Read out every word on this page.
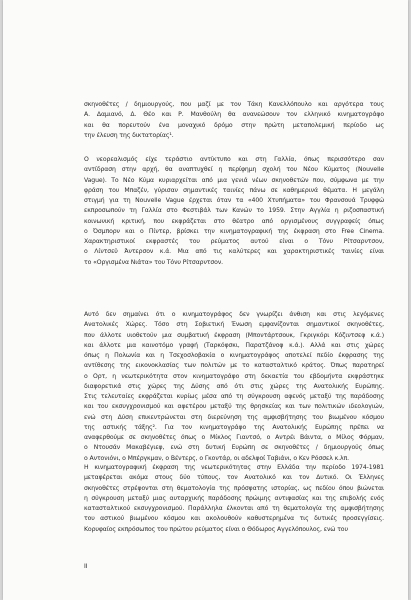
σκηνοθέτες / δημιουργούς, που μαζί με τον Τάκη Κανελλόπουλο και αργότερα τους
Α. Δαμιανό, Δ. Θέο και Ρ. Μανθούλη θα ανανεώσουν τον ελληνικό κινηματογράφο
και θα πορευτούν ένα μοναχικό δρόμο στην πρώτη μεταπολεμική περίοδο ως
την έλευση της δικτατορίας¹.

Ο νεορεαλισμός είχε τεράστιο αντίκτυπο και στη Γαλλία, όπως περισσότερο σαν
αντίδραση στην αρχή, θα αναπτυχθεί η περίφημη σχολή του Νέου Κύματος (Nouvelle
Vague). Το Νέο Κύμα κυριαρχείται από μια γενιά νέων σκηνοθετών που, σύμφωνα με την
φράση του Μπαζέν, γύρισαν σημαντικές ταινίες πάνω σε καθημερινά θέματα. Η μεγάλη
στιγμή για τη Nouvelle Vague έρχεται όταν τα «400 Χτυπήματα» του Φρανσουά Τρυφφώ
εκπροσωπούν τη Γαλλία στο Φεστιβάλ των Κανών το 1959. Στην Αγγλία η ριζοσπαστική
κοινωνική κριτική, που εκφράζεται στο θέατρο από οργισμένους συγγραφείς όπως
ο Όσμπορν και ο Πίντερ, βρίσκει την κινηματογραφική της έκφραση στο Free Cinema.
Χαρακτηριστικοί εκφραστές του ρεύματος αυτού είναι ο Τόνυ Ρίτσαρντσον,
ο Λίντσεϋ Άντερσον κ.ά. Μια από τις καλύτερες και χαρακτηριστικές ταινίες είναι
το «Οργισμένα Νιάτα» του Τόνυ Ρίτσαρντσον.

Αυτό δεν σημαίνει ότι ο κινηματογράφος δεν γνωρίζει άνθιση και στις λεγόμενες
Ανατολικές Χώρες. Τόσο στη Σοβιετική Ένωση εμφανίζονται σημαντικοί σκηνοθέτες,
που άλλοτε υιοθετούν μια συμβατική έκφραση (Μποντάρτσουκ, Γκριγκόρι Κόζιντσεφ κ.ά.)
και άλλοτε μια καινοτόμο γραφή (Ταρκόφσκι, Παρατζάνοφ κ.ά.). Αλλά και στις χώρες
όπως η Πολωνία και η Τσεχοσλοβακία ο κινηματογράφος αποτελεί πεδίο έκφρασης της
αντίθεσης της εικονοκλασίας των πολιτών με το κατασταλτικό κράτος. Όπως παρατηρεί
ο Ορτ, η νεωτερικότητα στον κινηματογράφο στη δεκαετία του εβδομήντα εκφράστηκε
διαφορετικά στις χώρες της Δύσης από ότι στις χώρες της Ανατολικής Ευρώπης.
Στις τελευταίες εκφράζεται κυρίως μέσα από τη σύγκρουση αφενός μεταξύ της παράδοσης
και του εκσυγχρονισμού και αφετέρου μεταξύ της θρησκείας και των πολιτικών ιδεολογιών,
ενώ στη Δύση επικεντρώνεται στη διερεύνηση της αμφισβήτησης του βιωμένου κόσμου
της αστικής τάξης². Για τον κινηματογράφο της Ανατολικής Ευρώπης πρέπει να
αναφερθούμε σε σκηνοθέτες όπως ο Μίκλος Γιαντσό, ο Αντρέι Βάιντα, ο Μίλος Φόρμαν,
ο Ντουσάν Μακαβέγιεφ, ενώ στη δυτική Ευρώπη σε σκηνοθέτες / δημιουργούς όπως
ο Αντονιόνι, ο Μπέργκμαν, ο Βέντερς, ο Γκοντάρ, οι αδελφοί Ταβιάνι, ο Κεν Ρόσσελ κ.λπ.

Η κινηματογραφική έκφραση της νεωτερικότητας στην Ελλάδα την περίοδο 1974-1981
μεταφέρεται ακόμα στους δύο τύπους, τον Ανατολικό και τον Δυτικό. Οι Έλληνες
σκηνοθέτες στρέφονται στη θεματολογία της πρόσφατης ιστορίας, ως πεδίου όπου βιώνεται
η σύγκρουση μεταξύ μιας αυταρχικής παράδοσης πρώιμης αντιφασίας και της επιβολής ενός
κατασταλτικού εκσυγχρονισμού. Παράλληλα έλκονται από τη θεματολογία της αμφισβήτησης
του αστικού βιωμένου κόσμου και ακολουθούν καθυστερημένα τις δυτικές προσεγγίσεις.
Κορυφαίος εκπρόσωπος του πρώτου ρεύματος είναι ο Θόδωρος Αγγελόπουλος, ενώ του

II
